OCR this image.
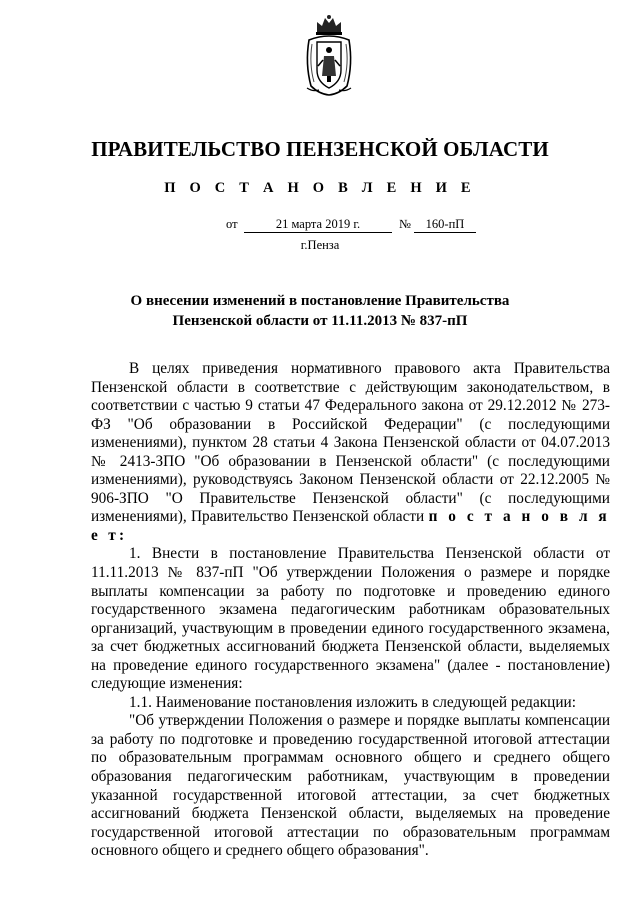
ПРАВИТЕЛЬСТВО ПЕНЗЕНСКОЙ ОБЛАСТИ
П О С Т А Н О В Л Е Н И Е
от	21 марта 2019 г.	№	160-пП
г.Пенза
О внесении изменений в постановление Правительства
Пензенской области от 11.11.2013 № 837-пП

В целях приведения нормативного правового акта Правительства Пензенской области в соответствие с действующим законодательством, в соответствии с частью 9 статьи 47 Федерального закона от 29.12.2012 № 273-ФЗ "Об образовании в Российской Федерации" (с последующими изменениями), пунктом 28 статьи 4 Закона Пензенской области от 04.07.2013 № 2413-ЗПО "Об образовании в Пензенской области" (с последующими изменениями), руководствуясь Законом Пензенской области от 22.12.2005 № 906-ЗПО "О Правительстве Пензенской области" (с последующими изменениями), Правительство Пензенской области п о с т а н о в л я е т:

1. Внести в постановление Правительства Пензенской области от 11.11.2013 № 837-пП "Об утверждении Положения о размере и порядке выплаты компенсации за работу по подготовке и проведению единого государственного экзамена педагогическим работникам образовательных организаций, участвующим в проведении единого государственного экзамена, за счет бюджетных ассигнований бюджета Пензенской области, выделяемых на проведение единого государственного экзамена" (далее - постановление) следующие изменения:

1.1. Наименование постановления изложить в следующей редакции:

"Об утверждении Положения о размере и порядке выплаты компенсации за работу по подготовке и проведению государственной итоговой аттестации по образовательным программам основного общего и среднего общего образования педагогическим работникам, участвующим в проведении указанной государственной итоговой аттестации, за счет бюджетных ассигнований бюджета Пензенской области, выделяемых на проведение государственной итоговой аттестации по образовательным программам основного общего и среднего общего образования".
